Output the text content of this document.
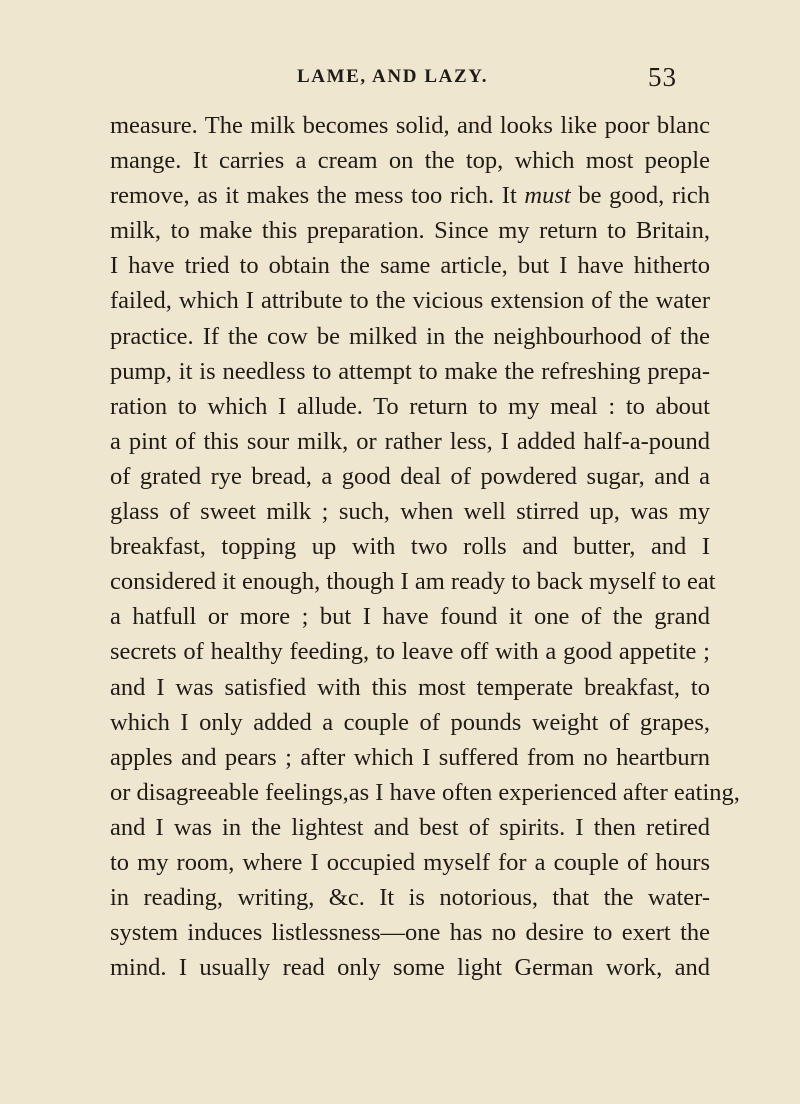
LAME, AND LAZY.	53
measure. The milk becomes solid, and looks like poor blanc
mange. It carries a cream on the top, which most people
remove, as it makes the mess too rich. It must be good, rich
milk, to make this preparation. Since my return to Britain,
I have tried to obtain the same article, but I have hitherto
failed, which I attribute to the vicious extension of the water
practice. If the cow be milked in the neighbourhood of the
pump, it is needless to attempt to make the refreshing prepa-
ration to which I allude. To return to my meal : to about
a pint of this sour milk, or rather less, I added half-a-pound
of grated rye bread, a good deal of powdered sugar, and a
glass of sweet milk ; such, when well stirred up, was my
breakfast, topping up with two rolls and butter, and I
considered it enough, though I am ready to back myself to eat
a hatfull or more ; but I have found it one of the grand
secrets of healthy feeding, to leave off with a good appetite ;
and I was satisfied with this most temperate breakfast, to
which I only added a couple of pounds weight of grapes,
apples and pears ; after which I suffered from no heartburn
or disagreeable feelings,as I have often experienced after eating,
and I was in the lightest and best of spirits. I then retired
to my room, where I occupied myself for a couple of hours
in reading, writing, &c. It is notorious, that the water-
system induces listlessness—one has no desire to exert the
mind. I usually read only some light German work, and
